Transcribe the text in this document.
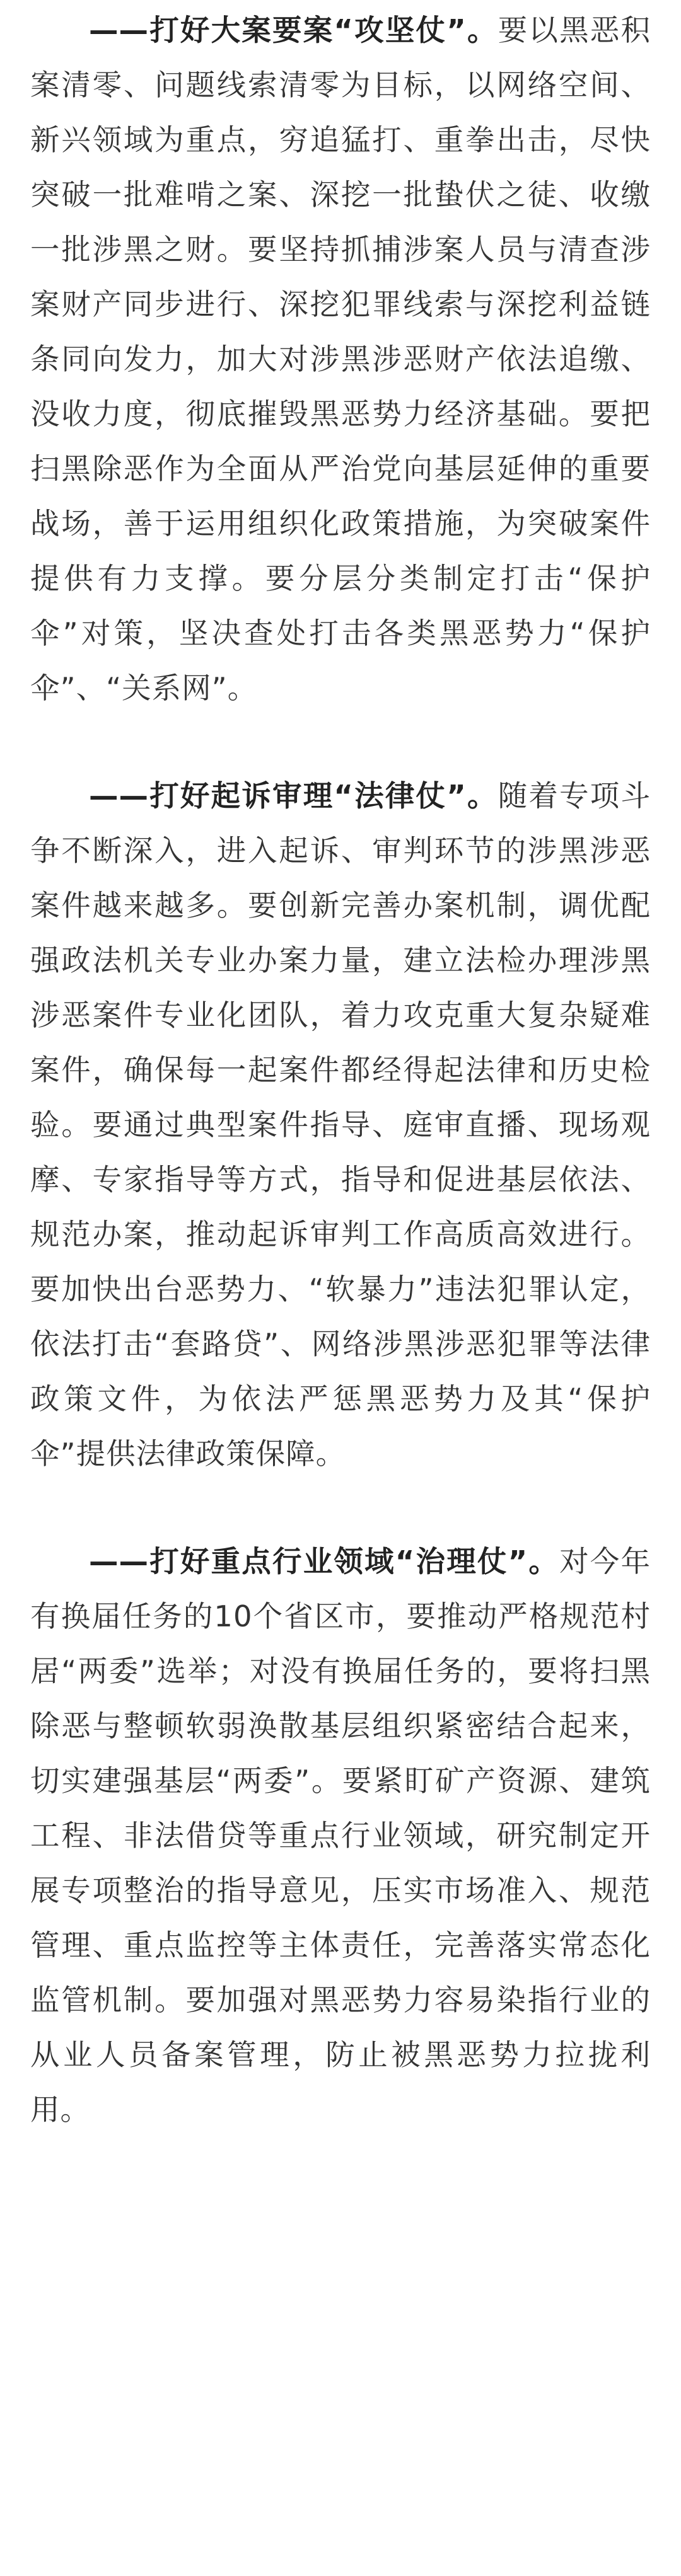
——打好大案要案“攻坚仗”。要以黑恶积案清零、问题线索清零为目标，以网络空间、新兴领域为重点，穷追猛打、重拳出击，尽快突破一批难啃之案、深挖一批蛰伏之徒、收缴一批涉黑之财。要坚持抓捕涉案人员与清查涉案财产同步进行、深挖犯罪线索与深挖利益链条同向发力，加大对涉黑涉恶财产依法追缴、没收力度，彻底摧毁黑恶势力经济基础。要把扫黑除恶作为全面从严治党向基层延伸的重要战场，善于运用组织化政策措施，为突破案件提供有力支撑。要分层分类制定打击“保护伞”对策，坚决查处打击各类黑恶势力“保护伞”、“关系网”。

——打好起诉审理“法律仗”。随着专项斗争不断深入，进入起诉、审判环节的涉黑涉恶案件越来越多。要创新完善办案机制，调优配强政法机关专业办案力量，建立法检办理涉黑涉恶案件专业化团队，着力攻克重大复杂疑难案件，确保每一起案件都经得起法律和历史检验。要通过典型案件指导、庭审直播、现场观摩、专家指导等方式，指导和促进基层依法、规范办案，推动起诉审判工作高质高效进行。要加快出台恶势力、“软暴力”违法犯罪认定，依法打击“套路贷”、网络涉黑涉恶犯罪等法律政策文件，为依法严惩黑恶势力及其“保护伞”提供法律政策保障。

——打好重点行业领域“治理仗”。对今年有换届任务的10个省区市，要推动严格规范村居“两委”选举；对没有换届任务的，要将扫黑除恶与整顿软弱涣散基层组织紧密结合起来，切实建强基层“两委”。要紧盯矿产资源、建筑工程、非法借贷等重点行业领域，研究制定开展专项整治的指导意见，压实市场准入、规范管理、重点监控等主体责任，完善落实常态化监管机制。要加强对黑恶势力容易染指行业的从业人员备案管理，防止被黑恶势力拉拢利用。
